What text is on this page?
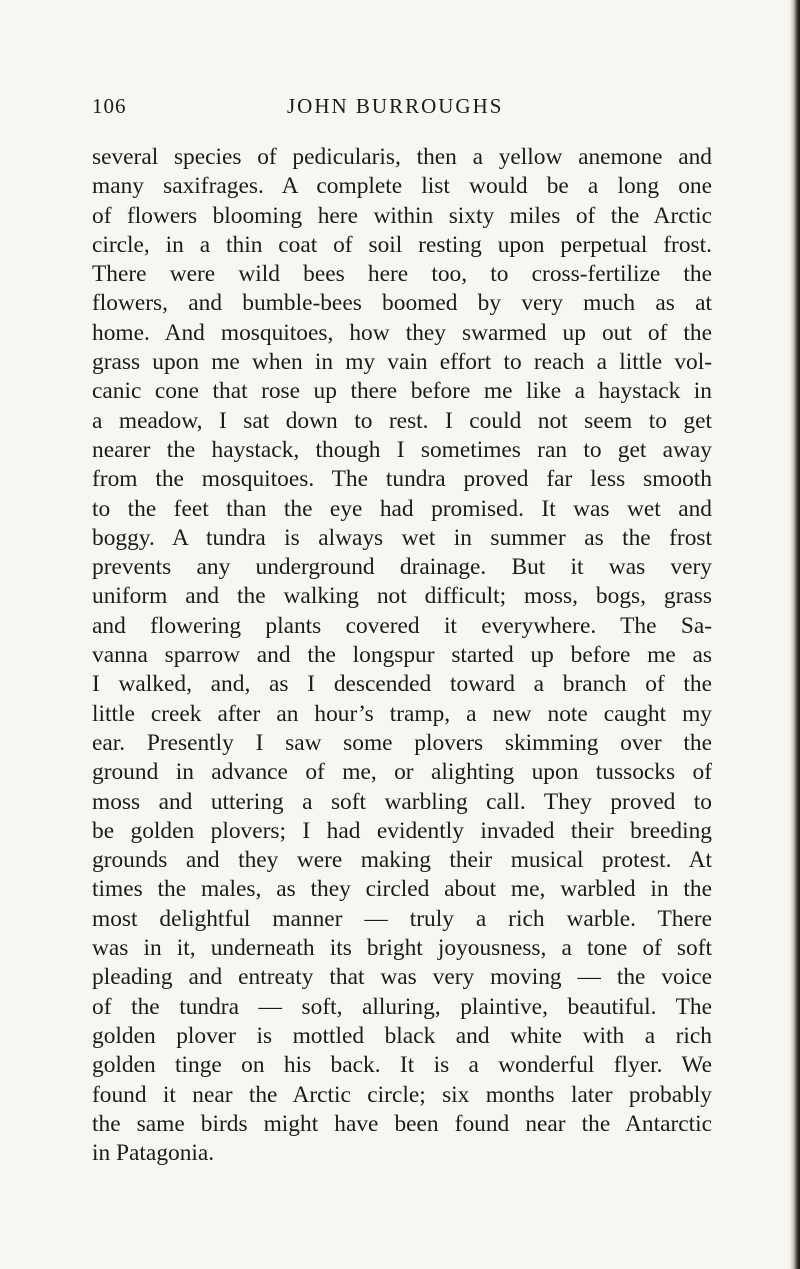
106	JOHN BURROUGHS
several species of pedicularis, then a yellow anemone and
many saxifrages. A complete list would be a long one
of flowers blooming here within sixty miles of the Arctic
circle, in a thin coat of soil resting upon perpetual frost.
There were wild bees here too, to cross-fertilize the
flowers, and bumble-bees boomed by very much as at
home. And mosquitoes, how they swarmed up out of the
grass upon me when in my vain effort to reach a little vol-
canic cone that rose up there before me like a haystack in
a meadow, I sat down to rest. I could not seem to get
nearer the haystack, though I sometimes ran to get away
from the mosquitoes. The tundra proved far less smooth
to the feet than the eye had promised. It was wet and
boggy. A tundra is always wet in summer as the frost
prevents any underground drainage. But it was very
uniform and the walking not difficult; moss, bogs, grass
and flowering plants covered it everywhere. The Sa-
vanna sparrow and the longspur started up before me as
I walked, and, as I descended toward a branch of the
little creek after an hour’s tramp, a new note caught my
ear. Presently I saw some plovers skimming over the
ground in advance of me, or alighting upon tussocks of
moss and uttering a soft warbling call. They proved to
be golden plovers; I had evidently invaded their breeding
grounds and they were making their musical protest. At
times the males, as they circled about me, warbled in the
most delightful manner — truly a rich warble. There
was in it, underneath its bright joyousness, a tone of soft
pleading and entreaty that was very moving — the voice
of the tundra — soft, alluring, plaintive, beautiful. The
golden plover is mottled black and white with a rich
golden tinge on his back. It is a wonderful flyer. We
found it near the Arctic circle; six months later probably
the same birds might have been found near the Antarctic
in Patagonia.
